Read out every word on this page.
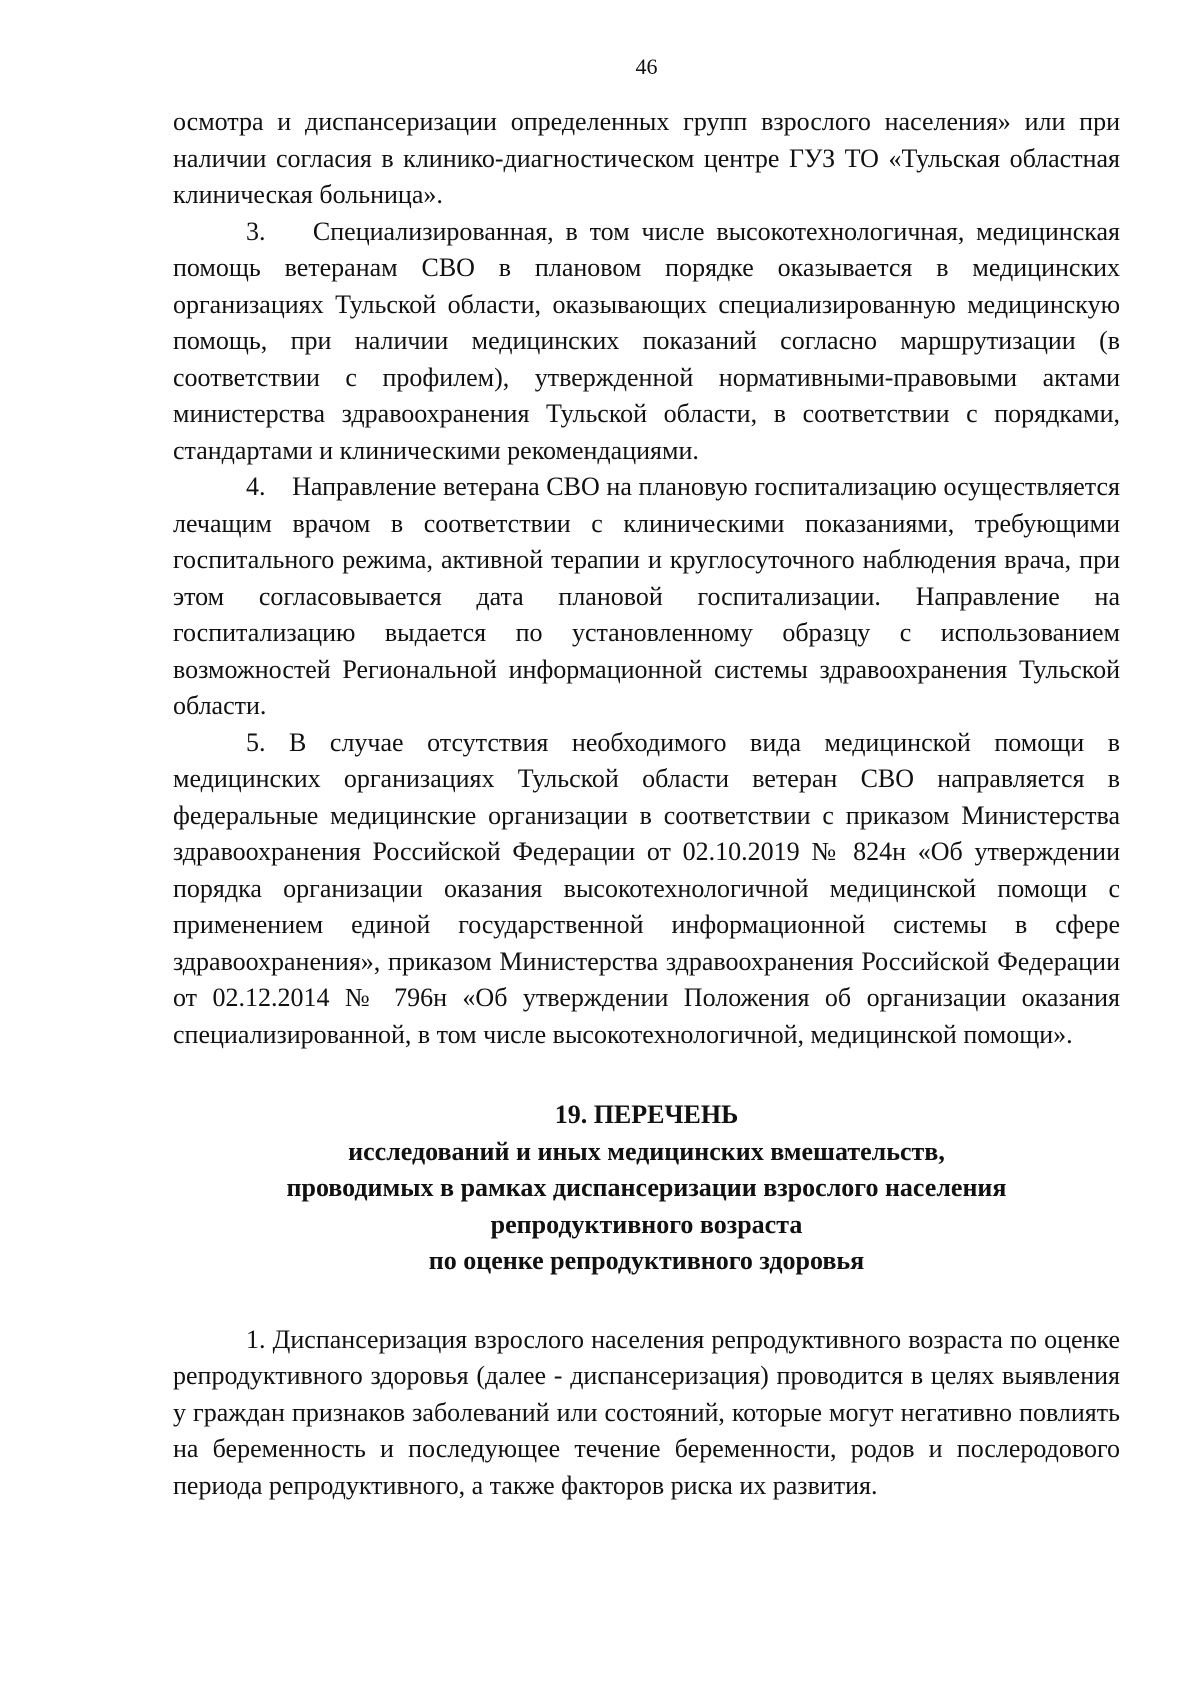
46

осмотра и диспансеризации определенных групп взрослого населения» или при наличии согласия в клинико-диагностическом центре ГУЗ ТО «Тульская областная клиническая больница».

3.    Специализированная, в том числе высокотехнологичная, медицинская помощь ветеранам СВО в плановом порядке оказывается в медицинских организациях Тульской области, оказывающих специализированную медицинскую помощь, при наличии медицинских показаний согласно маршрутизации (в соответствии с профилем), утвержденной нормативными-правовыми актами министерства здравоохранения Тульской области, в соответствии с порядками, стандартами и клиническими рекомендациями.

4.    Направление ветерана СВО на плановую госпитализацию осуществляется лечащим врачом в соответствии с клиническими показаниями, требующими госпитального режима, активной терапии и круглосуточного наблюдения врача, при этом согласовывается дата плановой госпитализации. Направление на госпитализацию выдается по установленному образцу с использованием возможностей Региональной информационной системы здравоохранения Тульской области.

5. В случае отсутствия необходимого вида медицинской помощи в медицинских организациях Тульской области ветеран СВО направляется в федеральные медицинские организации в соответствии с приказом Министерства здравоохранения Российской Федерации от 02.10.2019 № 824н «Об утверждении порядка организации оказания высокотехнологичной медицинской помощи с применением единой государственной информационной системы в сфере здравоохранения», приказом Министерства здравоохранения Российской Федерации от 02.12.2014 № 796н «Об утверждении Положения об организации оказания специализированной, в том числе высокотехнологичной, медицинской помощи».

19. ПЕРЕЧЕНЬ

исследований и иных медицинских вмешательств,

проводимых в рамках диспансеризации взрослого населения

репродуктивного возраста

по оценке репродуктивного здоровья

1. Диспансеризация взрослого населения репродуктивного возраста по оценке репродуктивного здоровья (далее - диспансеризация) проводится в целях выявления у граждан признаков заболеваний или состояний, которые могут негативно повлиять на беременность и последующее течение беременности, родов и послеродового периода репродуктивного, а также факторов риска их развития.
